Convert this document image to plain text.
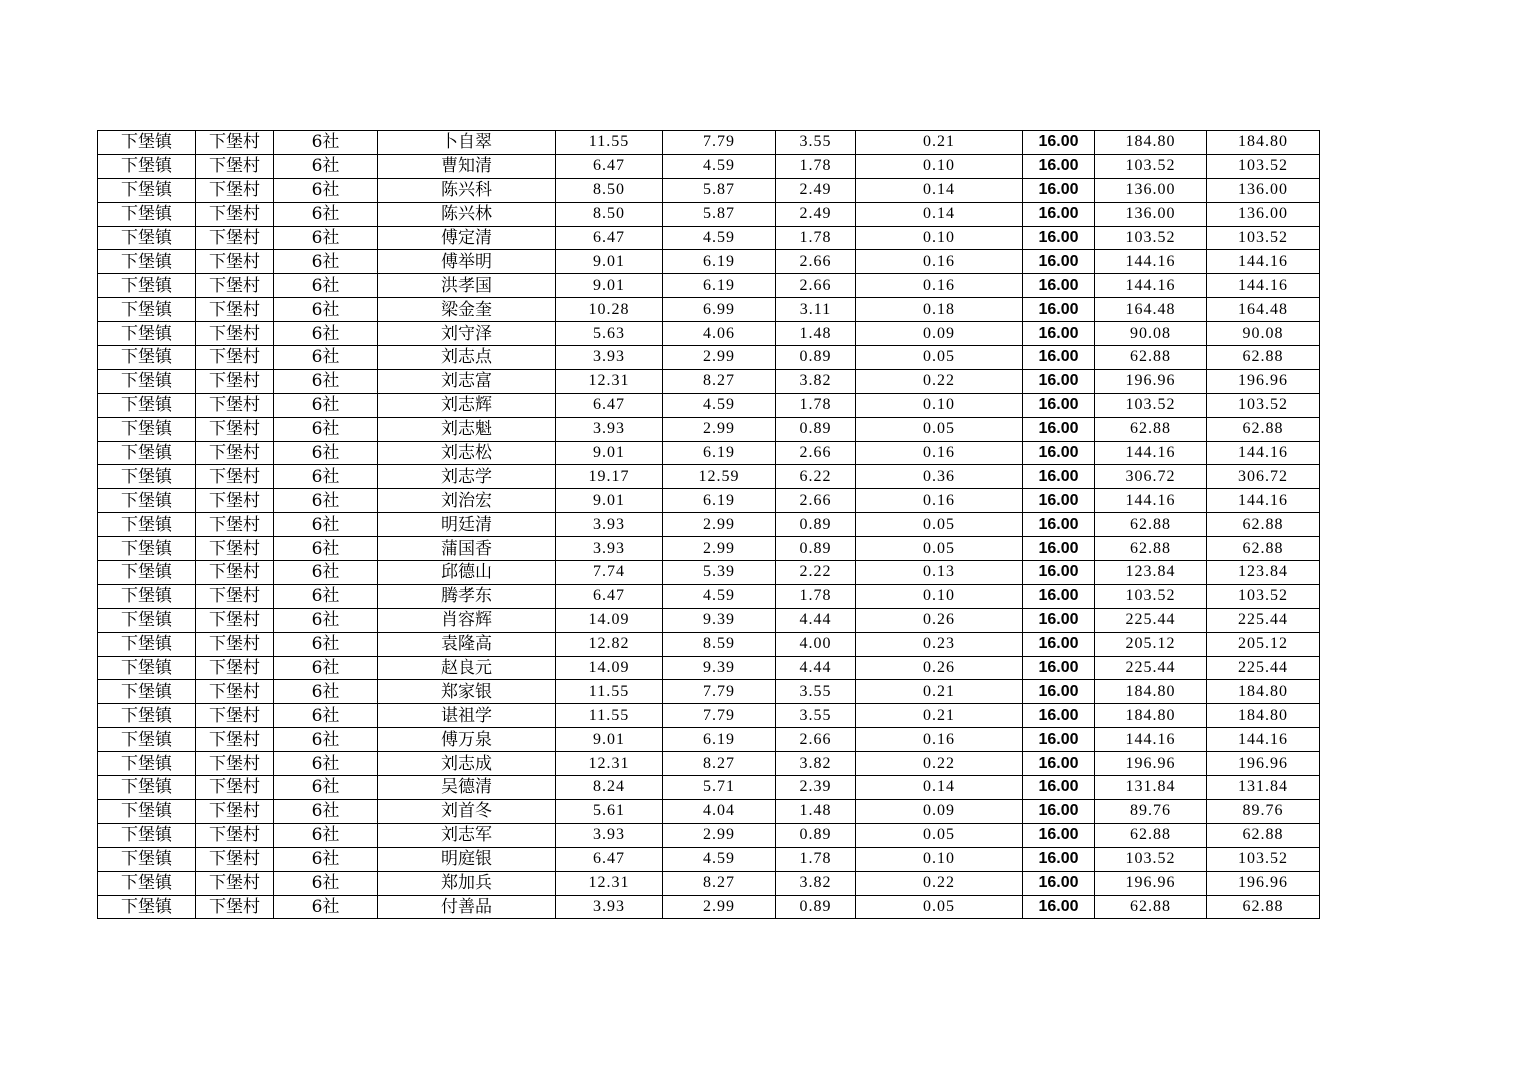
下堡镇	下堡村	6社	卜自翠	11.55	7.79	3.55	0.21	16.00	184.80	184.80
下堡镇	下堡村	6社	曹知清	6.47	4.59	1.78	0.10	16.00	103.52	103.52
下堡镇	下堡村	6社	陈兴科	8.50	5.87	2.49	0.14	16.00	136.00	136.00
下堡镇	下堡村	6社	陈兴林	8.50	5.87	2.49	0.14	16.00	136.00	136.00
下堡镇	下堡村	6社	傅定清	6.47	4.59	1.78	0.10	16.00	103.52	103.52
下堡镇	下堡村	6社	傅举明	9.01	6.19	2.66	0.16	16.00	144.16	144.16
下堡镇	下堡村	6社	洪孝国	9.01	6.19	2.66	0.16	16.00	144.16	144.16
下堡镇	下堡村	6社	梁金奎	10.28	6.99	3.11	0.18	16.00	164.48	164.48
下堡镇	下堡村	6社	刘守泽	5.63	4.06	1.48	0.09	16.00	90.08	90.08
下堡镇	下堡村	6社	刘志点	3.93	2.99	0.89	0.05	16.00	62.88	62.88
下堡镇	下堡村	6社	刘志富	12.31	8.27	3.82	0.22	16.00	196.96	196.96
下堡镇	下堡村	6社	刘志辉	6.47	4.59	1.78	0.10	16.00	103.52	103.52
下堡镇	下堡村	6社	刘志魁	3.93	2.99	0.89	0.05	16.00	62.88	62.88
下堡镇	下堡村	6社	刘志松	9.01	6.19	2.66	0.16	16.00	144.16	144.16
下堡镇	下堡村	6社	刘志学	19.17	12.59	6.22	0.36	16.00	306.72	306.72
下堡镇	下堡村	6社	刘治宏	9.01	6.19	2.66	0.16	16.00	144.16	144.16
下堡镇	下堡村	6社	明廷清	3.93	2.99	0.89	0.05	16.00	62.88	62.88
下堡镇	下堡村	6社	蒲国香	3.93	2.99	0.89	0.05	16.00	62.88	62.88
下堡镇	下堡村	6社	邱德山	7.74	5.39	2.22	0.13	16.00	123.84	123.84
下堡镇	下堡村	6社	腾孝东	6.47	4.59	1.78	0.10	16.00	103.52	103.52
下堡镇	下堡村	6社	肖容辉	14.09	9.39	4.44	0.26	16.00	225.44	225.44
下堡镇	下堡村	6社	袁隆高	12.82	8.59	4.00	0.23	16.00	205.12	205.12
下堡镇	下堡村	6社	赵良元	14.09	9.39	4.44	0.26	16.00	225.44	225.44
下堡镇	下堡村	6社	郑家银	11.55	7.79	3.55	0.21	16.00	184.80	184.80
下堡镇	下堡村	6社	谌祖学	11.55	7.79	3.55	0.21	16.00	184.80	184.80
下堡镇	下堡村	6社	傅万泉	9.01	6.19	2.66	0.16	16.00	144.16	144.16
下堡镇	下堡村	6社	刘志成	12.31	8.27	3.82	0.22	16.00	196.96	196.96
下堡镇	下堡村	6社	吴德清	8.24	5.71	2.39	0.14	16.00	131.84	131.84
下堡镇	下堡村	6社	刘首冬	5.61	4.04	1.48	0.09	16.00	89.76	89.76
下堡镇	下堡村	6社	刘志军	3.93	2.99	0.89	0.05	16.00	62.88	62.88
下堡镇	下堡村	6社	明庭银	6.47	4.59	1.78	0.10	16.00	103.52	103.52
下堡镇	下堡村	6社	郑加兵	12.31	8.27	3.82	0.22	16.00	196.96	196.96
下堡镇	下堡村	6社	付善品	3.93	2.99	0.89	0.05	16.00	62.88	62.88
